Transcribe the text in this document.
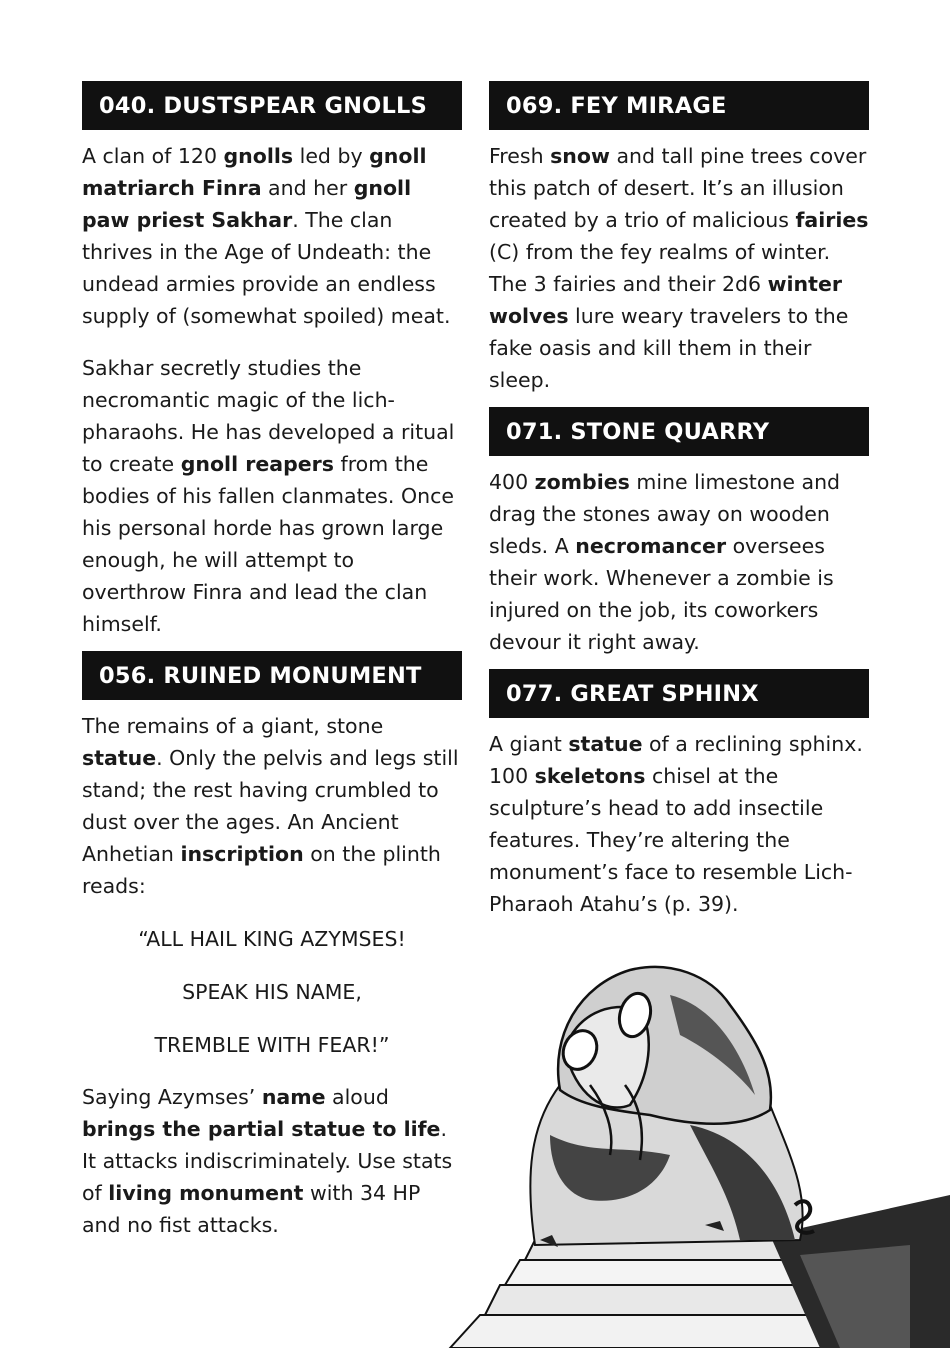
040. DUSTSPEAR GNOLLS

A clan of 120 gnolls led by gnoll matriarch Finra and her gnoll paw priest Sakhar. The clan thrives in the Age of Undeath: the undead armies provide an endless supply of (somewhat spoiled) meat.

Sakhar secretly studies the necromantic magic of the lich-pharaohs. He has developed a ritual to create gnoll reapers from the bodies of his fallen clanmates. Once his personal horde has grown large enough, he will attempt to overthrow Finra and lead the clan himself.

056. RUINED MONUMENT

The remains of a giant, stone statue. Only the pelvis and legs still stand; the rest having crumbled to dust over the ages. An Ancient Anhetian inscription on the plinth reads:

“ALL HAIL KING AZYMSES!

SPEAK HIS NAME,

TREMBLE WITH FEAR!”

Saying Azymses’ name aloud brings the partial statue to life. It attacks indiscriminately. Use stats of living monument with 34 HP and no fist attacks.

069. FEY MIRAGE

Fresh snow and tall pine trees cover this patch of desert. It’s an illusion created by a trio of malicious fairies (C) from the fey realms of winter. The 3 fairies and their 2d6 winter wolves lure weary travelers to the fake oasis and kill them in their sleep.

071. STONE QUARRY

400 zombies mine limestone and drag the stones away on wooden sleds. A necromancer oversees their work. Whenever a zombie is injured on the job, its coworkers devour it right away.

077. GREAT SPHINX

A giant statue of a reclining sphinx. 100 skeletons chisel at the sculpture’s head to add insectile features. They’re altering the monument’s face to resemble Lich-Pharaoh Atahu’s (p. 39).
